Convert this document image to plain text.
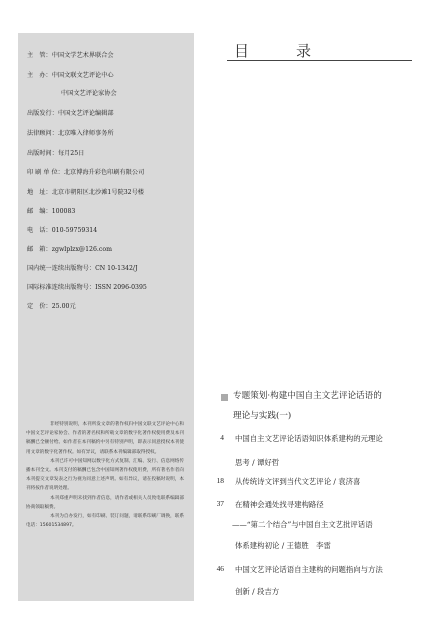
主　管：中国文学艺术界联合会
主　办：中国文联文艺评论中心
中国文艺评论家协会
出版发行：中国文艺评论编辑部
法律顾问：北京唯入律师事务所
出版时间：每月25日
印 刷 单 位：北京博海升彩色印刷有限公司
地　址：北京市朝阳区北沙滩1号院32号楼
邮　编：100083
电　话：010-59759314
邮　箱：zgwlplzx@126.com
国内统一连续出版物号：CN 10-1342/J
国际标准连续出版物号：ISSN 2096-0395
定　价：25.00元

非经特别说明，本刊所发文章的著作权归中国文联文艺评论中心和中国文艺评论家协会、作者的著名权和所载文章的数字化著作权使用费及本刊稿酬已全额付给。如作者在本刊稿约中另有特别声明，即表示同意授权本刊使用文章的数字化著作权。如有异议，请联系本刊编辑部取得授权。

本刊已许可中国知网以数字化方式复制、汇编、发行、信息网络传播本刊全文。本刊支付的稿酬已包含中国知网著作权使用费，所有著名作者向本刊提交文章发表之行为视为同意上述声明。如有异议，请在投稿时说明，本刊将按作者说明处理。

本刊郑重声明未找到作者信息，请作者或相关人员致电联系编辑部协商领取稿费。

本刊为自办发行，如有印刷、装订问题，请联系印刷厂调换，联系电话：15601534897。

目　录
专题策划·构建中国自主文艺评论话语的
理论与实践(一)
4 中国自主文艺评论话语知识体系建构的元理论
思考 / 谭好哲
18 从传统诗文评到当代文艺评论 / 袁济喜
37 在精神会通处找寻建构路径
——“第二个结合”与中国自主文艺批评话语
体系建构初论 / 王德胜　李雷
46 中国文艺评论话语自主建构的问题指向与方法
创新 / 段吉方
